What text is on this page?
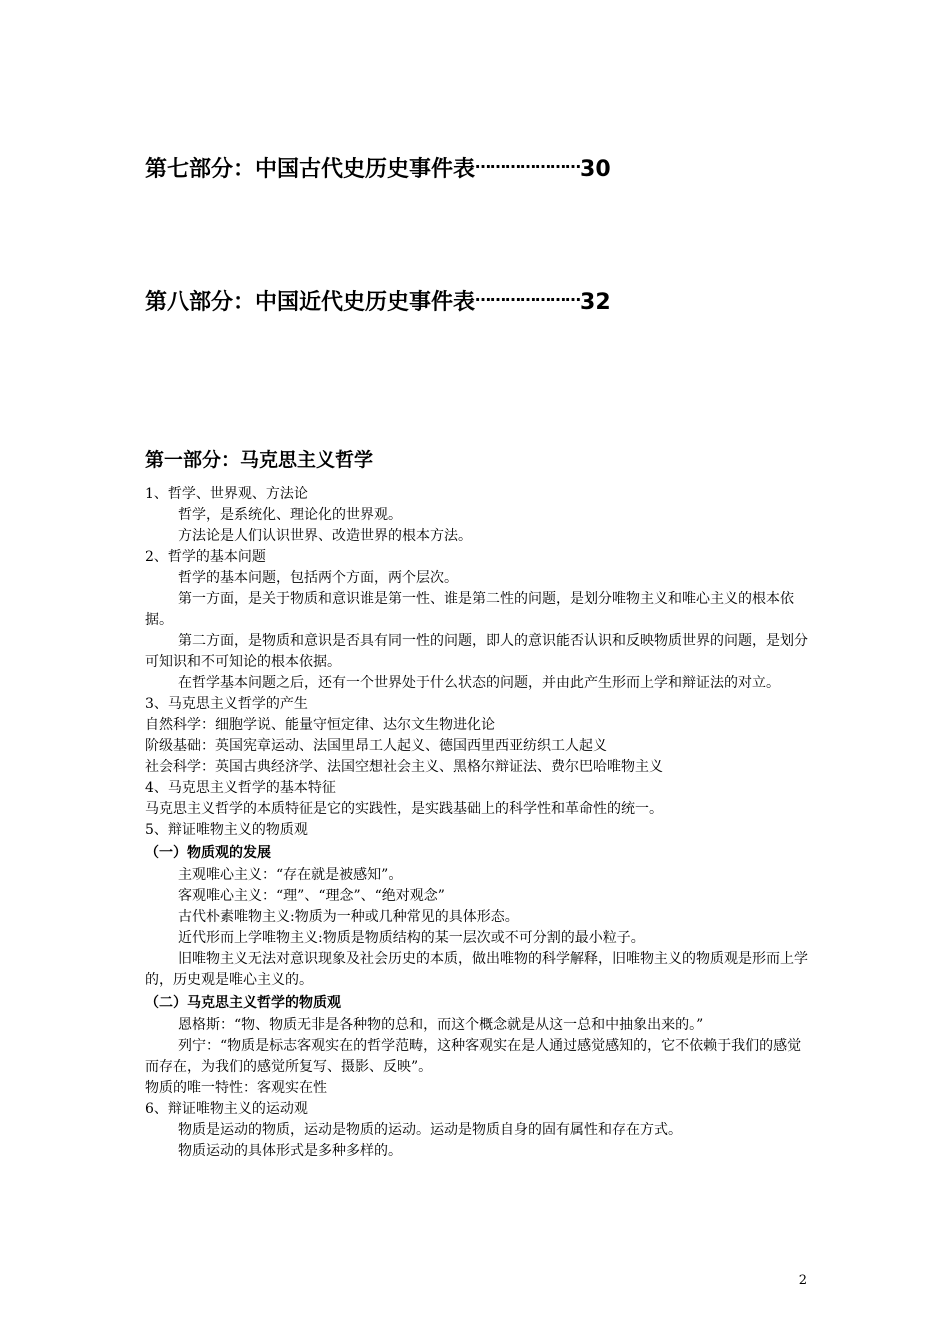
第七部分：中国古代史历史事件表…………………30
第八部分：中国近代史历史事件表…………………32
第一部分：马克思主义哲学

1、哲学、世界观、方法论

哲学，是系统化、理论化的世界观。

方法论是人们认识世界、改造世界的根本方法。

2、哲学的基本问题

哲学的基本问题，包括两个方面，两个层次。

第一方面，是关于物质和意识谁是第一性、谁是第二性的问题，是划分唯物主义和唯心主义的根本依据。

第二方面，是物质和意识是否具有同一性的问题，即人的意识能否认识和反映物质世界的问题，是划分可知识和不可知论的根本依据。

在哲学基本问题之后，还有一个世界处于什么状态的问题，并由此产生形而上学和辩证法的对立。

3、马克思主义哲学的产生

自然科学：细胞学说、能量守恒定律、达尔文生物进化论

阶级基础：英国宪章运动、法国里昂工人起义、德国西里西亚纺织工人起义

社会科学：英国古典经济学、法国空想社会主义、黑格尔辩证法、费尔巴哈唯物主义

4、马克思主义哲学的基本特征

马克思主义哲学的本质特征是它的实践性，是实践基础上的科学性和革命性的统一。

5、辩证唯物主义的物质观

（一）物质观的发展

主观唯心主义：“存在就是被感知”。

客观唯心主义：“理”、“理念”、“绝对观念”

古代朴素唯物主义:物质为一种或几种常见的具体形态。

近代形而上学唯物主义:物质是物质结构的某一层次或不可分割的最小粒子。

旧唯物主义无法对意识现象及社会历史的本质，做出唯物的科学解释，旧唯物主义的物质观是形而上学的，历史观是唯心主义的。

（二）马克思主义哲学的物质观

恩格斯：“物、物质无非是各种物的总和，而这个概念就是从这一总和中抽象出来的。”

列宁：“物质是标志客观实在的哲学范畴，这种客观实在是人通过感觉感知的，它不依赖于我们的感觉而存在，为我们的感觉所复写、摄影、反映”。

物质的唯一特性：客观实在性

6、辩证唯物主义的运动观

物质是运动的物质，运动是物质的运动。运动是物质自身的固有属性和存在方式。

物质运动的具体形式是多种多样的。

2
